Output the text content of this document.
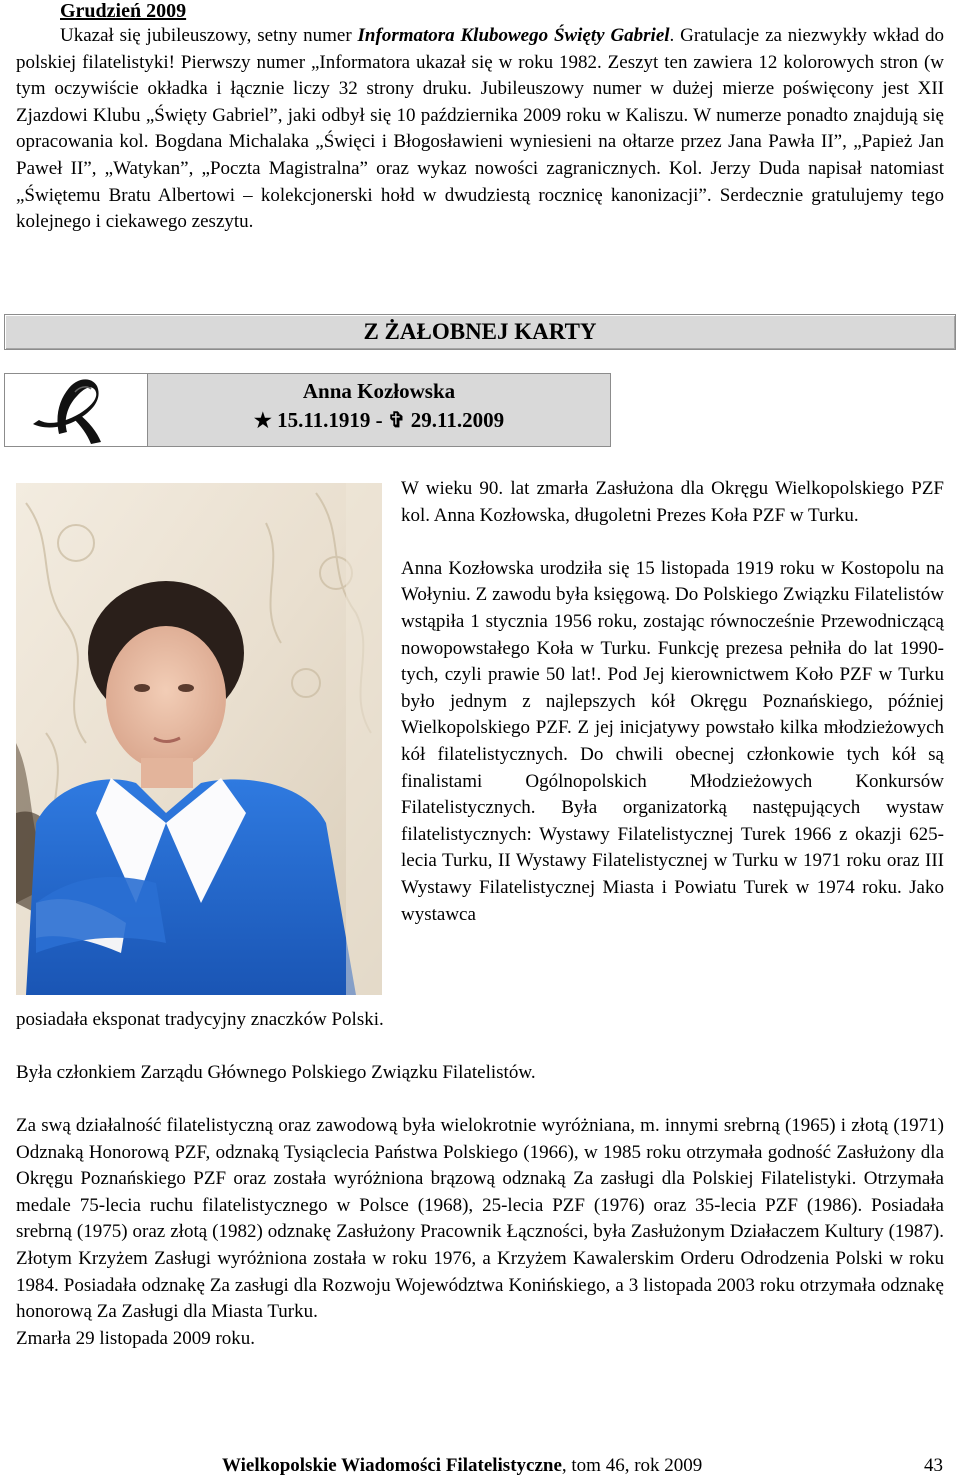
Grudzień 2009

Ukazał się jubileuszowy, setny numer Informatora Klubowego Święty Gabriel. Gratulacje za niezwykły wkład do polskiej filatelistyki! Pierwszy numer „Informatora ukazał się w roku 1982. Zeszyt ten zawiera 12 kolorowych stron (w tym oczywiście okładka i łącznie liczy 32 strony druku. Jubileuszowy numer w dużej mierze poświęcony jest XII Zjazdowi Klubu „Święty Gabriel”, jaki odbył się 10 października 2009 roku w Kaliszu. W numerze ponadto znajdują się opracowania kol. Bogdana Michalaka „Święci i Błogosławieni wyniesieni na ołtarze przez Jana Pawła II”, „Papież Jan Paweł II”, „Watykan”, „Poczta Magistralna” oraz wykaz nowości zagranicznych. Kol. Jerzy Duda napisał natomiast „Świętemu Bratu Albertowi – kolekcjonerski hołd w dwudziestą rocznicę kanonizacji”. Serdecznie gratulujemy tego kolejnego i ciekawego zeszytu.

Z ŻAŁOBNEJ KARTY
Anna Kozłowska
★ 15.11.1919 - ✞ 29.11.2009

W wieku 90. lat zmarła Zasłużona dla Okręgu Wielkopolskiego PZF kol. Anna Kozłowska, długoletni Prezes Koła PZF w Turku.

Anna Kozłowska urodziła się 15 listopada 1919 roku w Kostopolu na Wołyniu. Z zawodu była księgową. Do Polskiego Związku Filatelistów wstąpiła 1 stycznia 1956 roku, zostając równocześnie Przewodniczącą nowopowstałego Koła w Turku. Funkcję prezesa pełniła do lat 1990-tych, czyli prawie 50 lat!. Pod Jej kierownictwem Koło PZF w Turku było jednym z najlepszych kół Okręgu Poznańskiego, później Wielkopolskiego PZF. Z jej inicjatywy powstało kilka młodzieżowych kół filatelistycznych. Do chwili obecnej członkowie tych kół są finalistami Ogólnopolskich Młodzieżowych Konkursów Filatelistycznych. Była organizatorką następujących wystaw filatelistycznych: Wystawy Filatelistycznej Turek 1966 z okazji 625-lecia Turku, II Wystawy Filatelistycznej w Turku w 1971 roku oraz III Wystawy Filatelistycznej Miasta i Powiatu Turek w 1974 roku. Jako wystawca

posiadała eksponat tradycyjny znaczków Polski.
Była członkiem Zarządu Głównego Polskiego Związku Filatelistów.
Za swą działalność filatelistyczną oraz zawodową była wielokrotnie wyróżniana, m. innymi srebrną (1965) i złotą (1971) Odznaką Honorową PZF, odznaką Tysiąclecia Państwa Polskiego (1966), w 1985 roku otrzymała godność Zasłużony dla Okręgu Poznańskiego PZF oraz została wyróżniona brązową odznaką Za zasługi dla Polskiej Filatelistyki. Otrzymała medale 75-lecia ruchu filatelistycznego w Polsce (1968), 25-lecia PZF (1976) oraz 35-lecia PZF (1986). Posiadała srebrną (1975) oraz złotą (1982) odznakę Zasłużony Pracownik Łączności, była Zasłużonym Działaczem Kultury (1987). Złotym Krzyżem Zasługi wyróżniona została w roku 1976, a Krzyżem Kawalerskim Orderu Odrodzenia Polski w roku 1984. Posiadała odznakę Za zasługi dla Rozwoju Województwa Konińskiego, a 3 listopada 2003 roku otrzymała odznakę honorową Za Zasługi dla Miasta Turku.
Zmarła 29 listopada 2009 roku.
Wielkopolskie Wiadomości Filatelistyczne, tom 46, rok 2009	43
